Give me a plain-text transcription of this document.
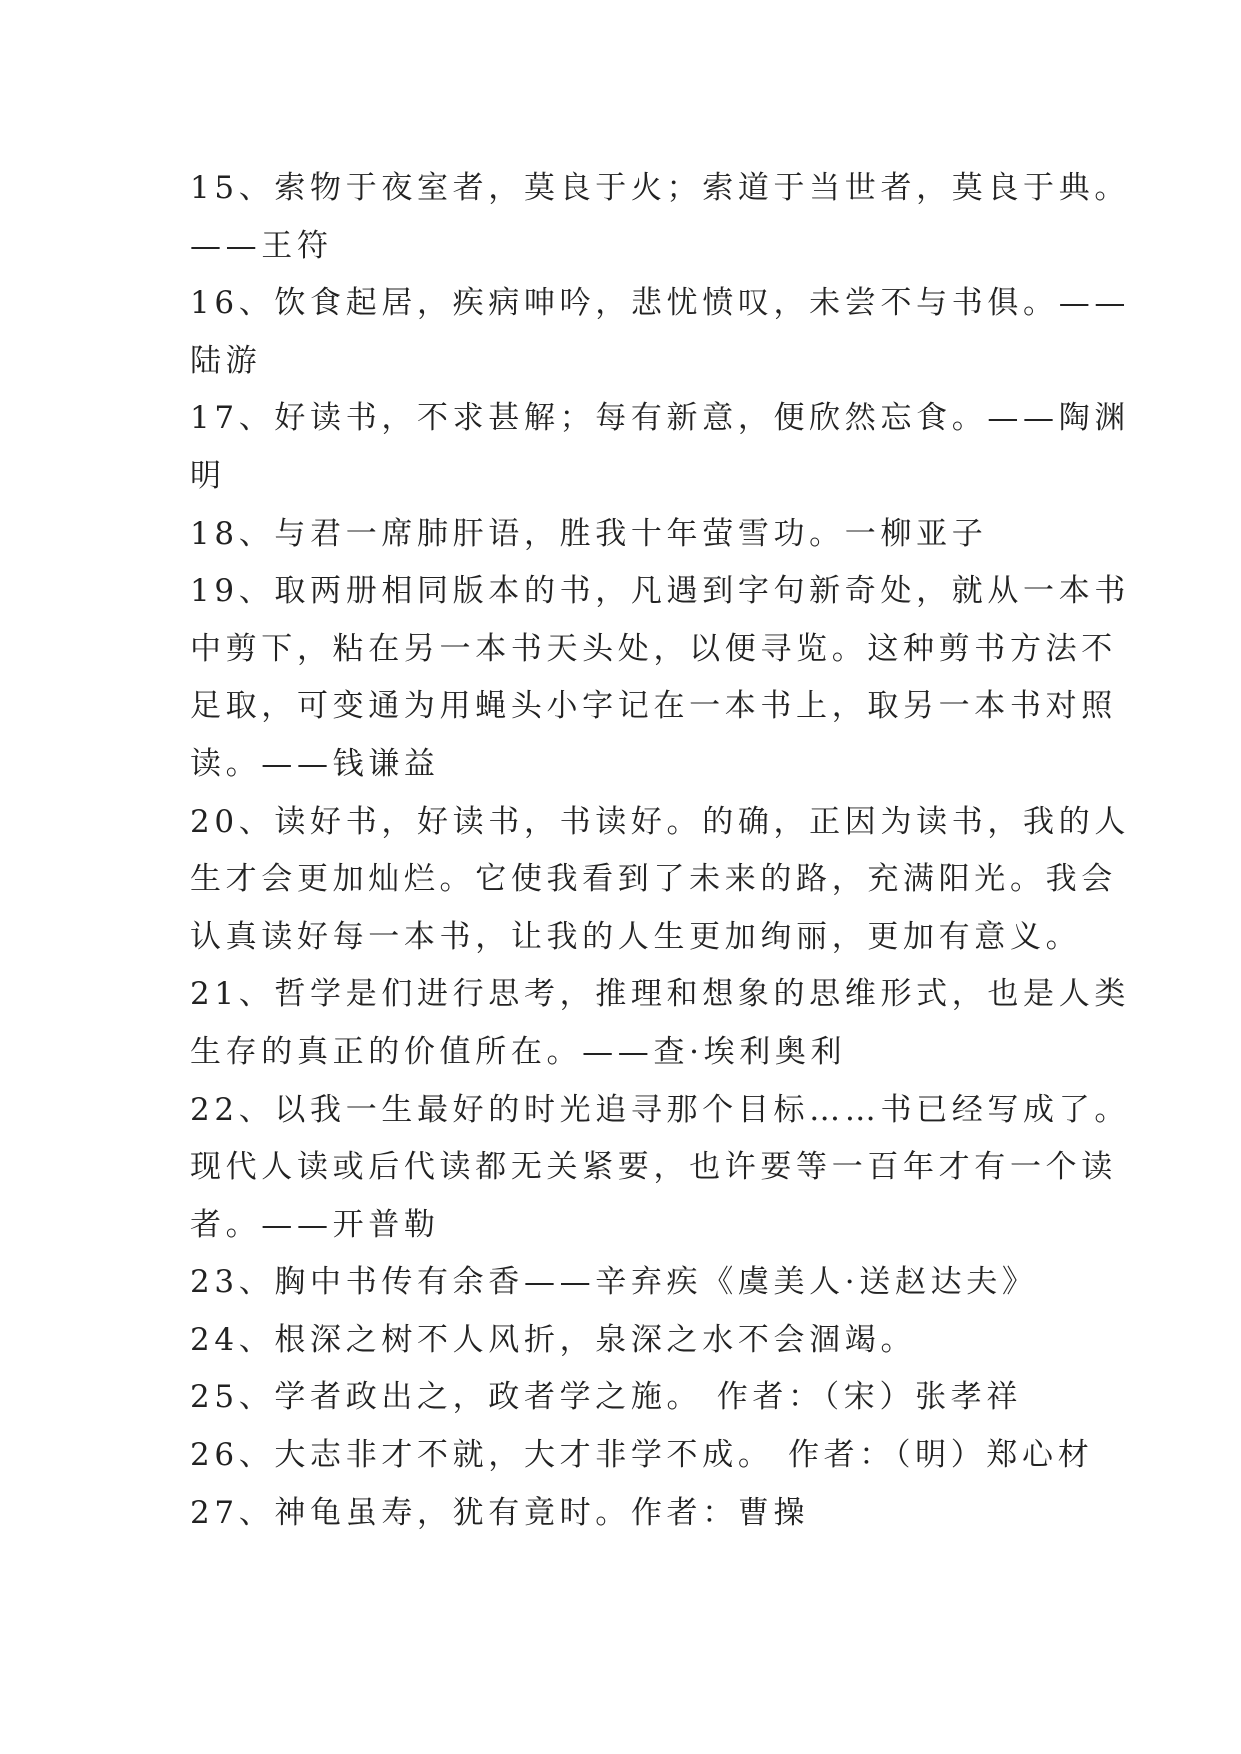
15、索物于夜室者，莫良于火；索道于当世者，莫良于典。
——王符
16、饮食起居，疾病呻吟，悲忧愤叹，未尝不与书俱。——
陆游
17、好读书，不求甚解；每有新意，便欣然忘食。——陶渊
明
18、与君一席肺肝语，胜我十年萤雪功。一柳亚子
19、取两册相同版本的书，凡遇到字句新奇处，就从一本书
中剪下，粘在另一本书天头处，以便寻览。这种剪书方法不
足取，可变通为用蝇头小字记在一本书上，取另一本书对照
读。——钱谦益
20、读好书，好读书，书读好。的确，正因为读书，我的人
生才会更加灿烂。它使我看到了未来的路，充满阳光。我会
认真读好每一本书，让我的人生更加绚丽，更加有意义。
21、哲学是们进行思考，推理和想象的思维形式，也是人类
生存的真正的价值所在。——查·埃利奥利
22、以我一生最好的时光追寻那个目标……书已经写成了。
现代人读或后代读都无关紧要，也许要等一百年才有一个读
者。——开普勒
23、胸中书传有余香——辛弃疾《虞美人·送赵达夫》
24、根深之树不人风折，泉深之水不会涸竭。
25、学者政出之，政者学之施。 作者：（宋）张孝祥
26、大志非才不就，大才非学不成。 作者：（明）郑心材
27、神龟虽寿，犹有竟时。作者：曹操
